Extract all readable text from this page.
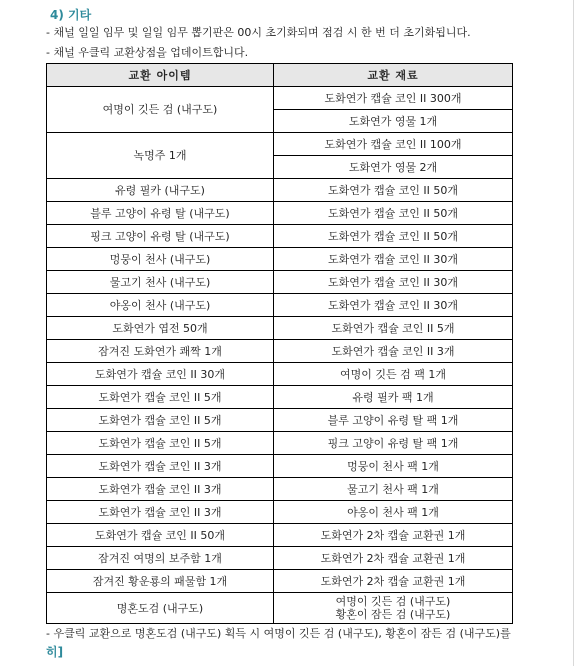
4) 기타
- 채널 일일 임무 및 일일 임무 뽑기판은 00시 초기화되며 점검 시 한 번 더 초기화됩니다.
- 채널 우클릭 교환상점을 업데이트합니다.
교환 아이템	교환 재료
여명이 깃든 검 (내구도)	도화연가 캡슐 코인 II 300개
	도화연가 영물 1개
녹명주 1개	도화연가 캡슐 코인 II 100개
	도화연가 영물 2개
유령 필카 (내구도)	도화연가 캡슐 코인 II 50개
블루 고양이 유령 탈 (내구도)	도화연가 캡슐 코인 II 50개
핑크 고양이 유령 탈 (내구도)	도화연가 캡슐 코인 II 50개
멍뭉이 천사 (내구도)	도화연가 캡슐 코인 II 30개
물고기 천사 (내구도)	도화연가 캡슐 코인 II 30개
야옹이 천사 (내구도)	도화연가 캡슐 코인 II 30개
도화연가 엽전 50개	도화연가 캡슐 코인 II 5개
잠겨진 도화연가 쾌짝 1개	도화연가 캡슐 코인 II 3개
도화연가 캡슐 코인 II 30개	여명이 깃든 검 팩 1개
도화연가 캡슐 코인 II 5개	유령 필카 팩 1개
도화연가 캡슐 코인 II 5개	블루 고양이 유령 탈 팩 1개
도화연가 캡슐 코인 II 5개	핑크 고양이 유령 탈 팩 1개
도화연가 캡슐 코인 II 3개	멍뭉이 천사 팩 1개
도화연가 캡슐 코인 II 3개	물고기 천사 팩 1개
도화연가 캡슐 코인 II 3개	야옹이 천사 팩 1개
도화연가 캡슐 코인 II 50개	도화연가 2차 캡슐 교환권 1개
잠겨진 여명의 보주함 1개	도화연가 2차 캡슐 교환권 1개
잠겨진 황운룡의 패물함 1개	도화연가 2차 캡슐 교환권 1개
명혼도검 (내구도)	여명이 깃든 검 (내구도)
황혼이 잠든 검 (내구도)
- 우클릭 교환으로 명혼도검 (내구도) 획득 시 여명이 깃든 검 (내구도), 황혼이 잠든 검 (내구도)를
히]
